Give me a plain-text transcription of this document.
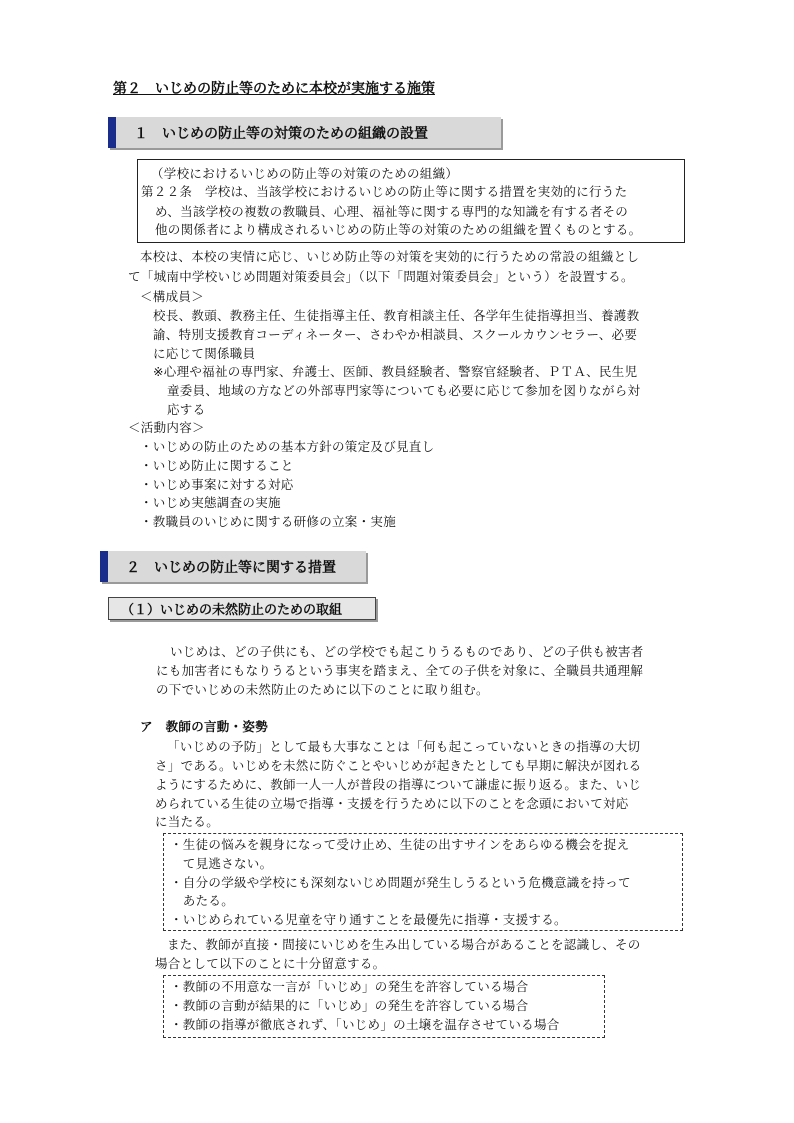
第２　いじめの防止等のために本校が実施する施策
１　いじめの防止等の対策のための組織の設置
（学校におけるいじめの防止等の対策のための組織）
第２２条　学校は、当該学校におけるいじめの防止等に関する措置を実効的に行うた
め、当該学校の複数の教職員、心理、福祉等に関する専門的な知識を有する者その
他の関係者により構成されるいじめの防止等の対策のための組織を置くものとする。
本校は、本校の実情に応じ、いじめ防止等の対策を実効的に行うための常設の組織とし
て「城南中学校いじめ問題対策委員会」（以下「問題対策委員会」という）を設置する。
＜構成員＞
校長、教頭、教務主任、生徒指導主任、教育相談主任、各学年生徒指導担当、養護教
諭、特別支援教育コーディネーター、さわやか相談員、スクールカウンセラー、必要
に応じて関係職員
※心理や福祉の専門家、弁護士、医師、教員経験者、警察官経験者、ＰＴＡ、民生児
童委員、地域の方などの外部専門家等についても必要に応じて参加を図りながら対
応する
＜活動内容＞
・いじめの防止のための基本方針の策定及び見直し
・いじめ防止に関すること
・いじめ事案に対する対応
・いじめ実態調査の実施
・教職員のいじめに関する研修の立案・実施
２　いじめの防止等に関する措置
（１）いじめの未然防止のための取組
いじめは、どの子供にも、どの学校でも起こりうるものであり、どの子供も被害者
にも加害者にもなりうるという事実を踏まえ、全ての子供を対象に、全職員共通理解
の下でいじめの未然防止のために以下のことに取り組む。
ア　教師の言動・姿勢
「いじめの予防」として最も大事なことは「何も起こっていないときの指導の大切
さ」である。いじめを未然に防ぐことやいじめが起きたとしても早期に解決が図れる
ようにするために、教師一人一人が普段の指導について謙虚に振り返る。また、いじ
められている生徒の立場で指導・支援を行うために以下のことを念頭において対応
に当たる。
・生徒の悩みを親身になって受け止め、生徒の出すサインをあらゆる機会を捉え
　て見逃さない。
・自分の学級や学校にも深刻ないじめ問題が発生しうるという危機意識を持って
　あたる。
・いじめられている児童を守り通すことを最優先に指導・支援する。
また、教師が直接・間接にいじめを生み出している場合があることを認識し、その
場合として以下のことに十分留意する。
・教師の不用意な一言が「いじめ」の発生を許容している場合
・教師の言動が結果的に「いじめ」の発生を許容している場合
・教師の指導が徹底されず、「いじめ」の土壌を温存させている場合
